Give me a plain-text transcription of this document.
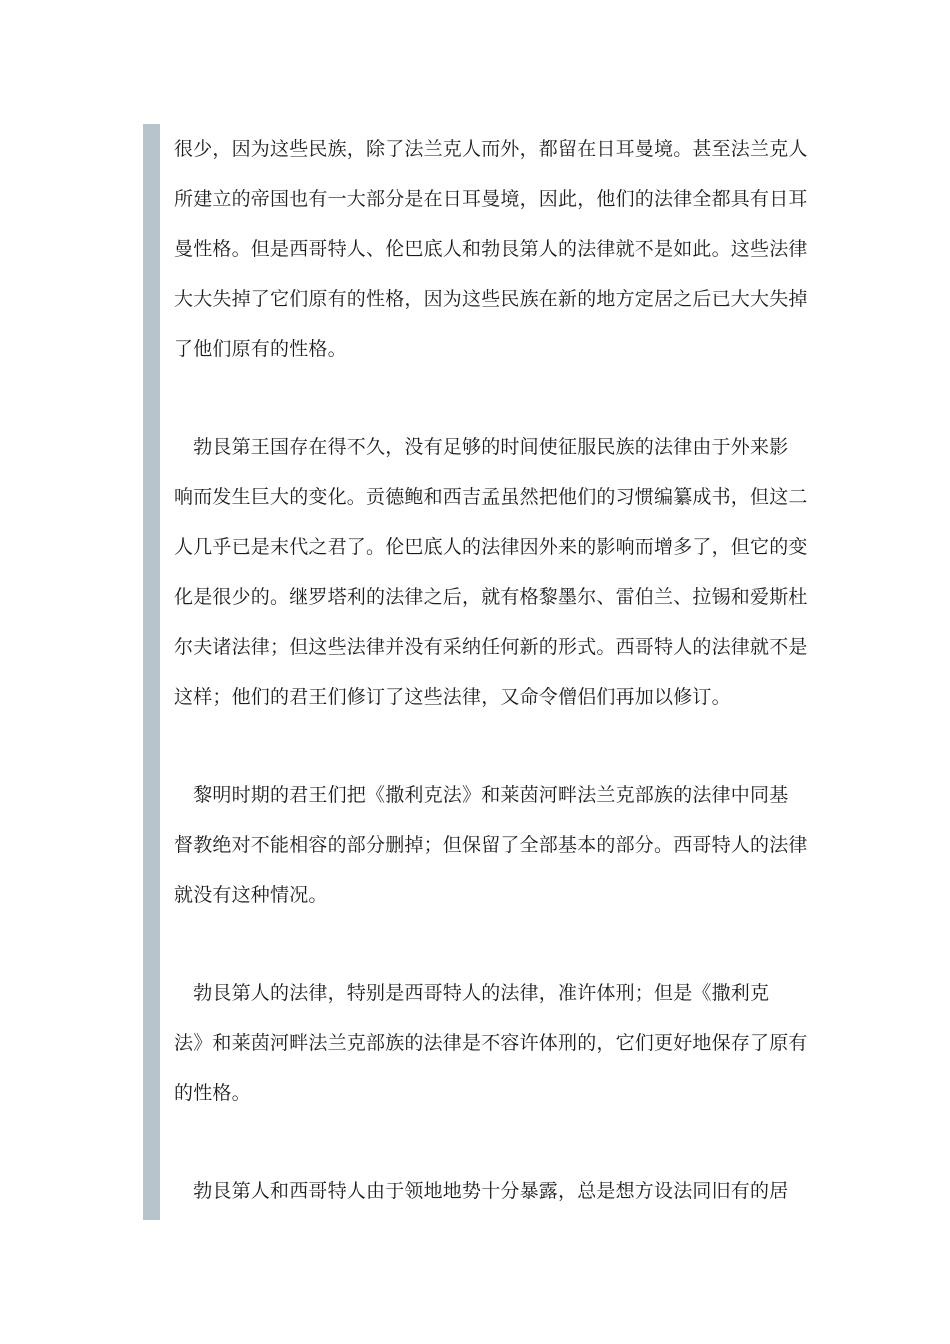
很少，因为这些民族，除了法兰克人而外，都留在日耳曼境。甚至法兰克人
所建立的帝国也有一大部分是在日耳曼境，因此，他们的法律全都具有日耳
曼性格。但是西哥特人、伦巴底人和勃艮第人的法律就不是如此。这些法律
大大失掉了它们原有的性格，因为这些民族在新的地方定居之后已大大失掉
了他们原有的性格。
　勃艮第王国存在得不久，没有足够的时间使征服民族的法律由于外来影
响而发生巨大的变化。贡德鲍和西吉孟虽然把他们的习惯编纂成书，但这二
人几乎已是末代之君了。伦巴底人的法律因外来的影响而增多了，但它的变
化是很少的。继罗塔利的法律之后，就有格黎墨尔、雷伯兰、拉锡和爱斯杜
尔夫诸法律；但这些法律并没有采纳任何新的形式。西哥特人的法律就不是
这样；他们的君王们修订了这些法律，又命令僧侣们再加以修订。
　黎明时期的君王们把《撒利克法》和莱茵河畔法兰克部族的法律中同基
督教绝对不能相容的部分删掉；但保留了全部基本的部分。西哥特人的法律
就没有这种情况。
　勃艮第人的法律，特别是西哥特人的法律，准许体刑；但是《撒利克
法》和莱茵河畔法兰克部族的法律是不容许体刑的，它们更好地保存了原有
的性格。
　勃艮第人和西哥特人由于领地地势十分暴露，总是想方设法同旧有的居
